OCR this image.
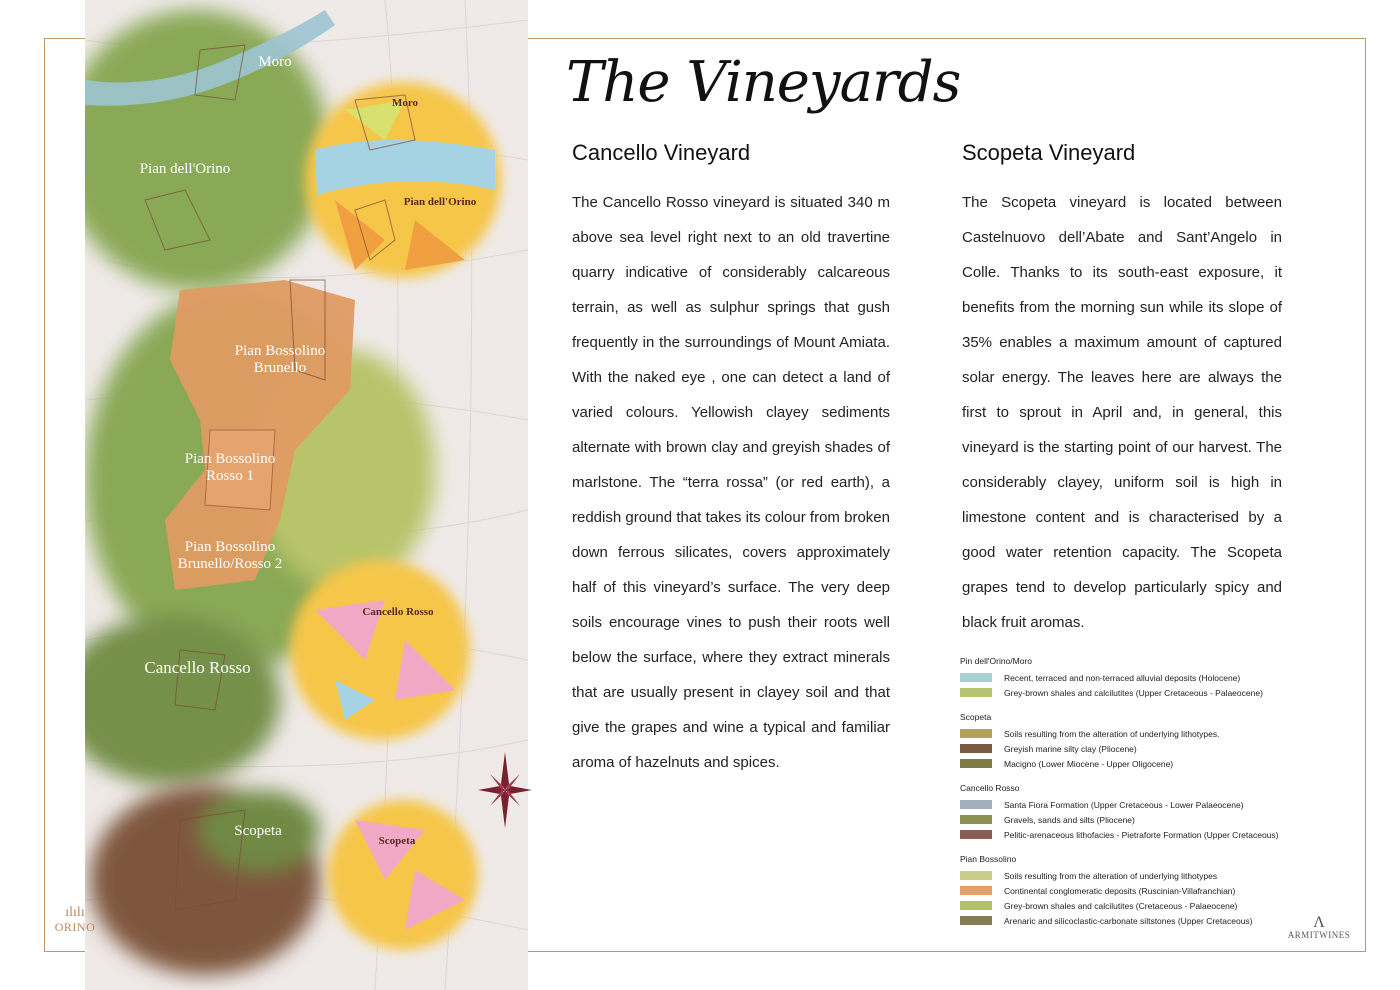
Moro
Moro
Pian dell'Orino
Pian dell'Orino
Pian Bossolino
Brunello
Pian Bossolino
Rosso 1
Pian Bossolino
Brunello/Rosso 2
Cancello Rosso
Cancello Rosso
Scopeta
Scopeta
The Vineyards
Cancello Vineyard
The Cancello Rosso vineyard is situated 340 m above sea level right next to an old travertine quarry indicative of considerably calcareous terrain, as well as sulphur springs that gush frequently in the surroundings of Mount Amiata. With the naked eye , one can detect a land of varied colours. Yellowish clayey sediments alternate with brown clay and greyish shades of marlstone. The “terra rossa” (or red earth), a reddish ground that takes its colour from broken down ferrous silicates, covers approximately half of this vineyard’s surface. The very deep soils encourage vines to push their roots well below the surface, where they extract minerals that are usually present in clayey soil and that give the grapes and wine a typical and familiar aroma of hazelnuts and spices.
Scopeta Vineyard
The Scopeta vineyard is located between Castelnuovo dell’Abate and Sant’Angelo in Colle. Thanks to its south-east exposure, it benefits from the morning sun while its slope of 35% enables a maximum amount of captured solar energy. The leaves here are always the first to sprout in April and, in general, this vineyard is the starting point of our harvest. The considerably clayey, uniform soil is high in limestone content and is characterised by a good water retention capacity. The Scopeta grapes tend to develop particularly spicy and black fruit aromas.
Pin dell'Orino/Moro
Recent, terraced and non-terraced alluvial deposits (Holocene)
Grey-brown shales and calcilutites (Upper Cretaceous - Palaeocene)
Scopeta
Soils resulting from the alteration of underlying lithotypes.
Greyish marine silty clay (Pliocene)
Macigno (Lower Miocene - Upper Oligocene)
Cancello Rosso
Santa Fiora Formation (Upper Cretaceous - Lower Palaeocene)
Gravels, sands and silts (Pliocene)
Pelitic-arenaceous lithofacies - Pietraforte Formation (Upper Cretaceous)
Pian Bossolino
Soils resulting from the alteration of underlying lithotypes
Continental conglomeratic deposits (Ruscinian-Villafranchian)
Grey-brown shales and calcilutites (Cretaceous - Palaeocene)
Arenaric and silicoclastic-carbonate siltstones (Upper Cretaceous)
ılılı
ORINO	Λ
ARMITWINES
